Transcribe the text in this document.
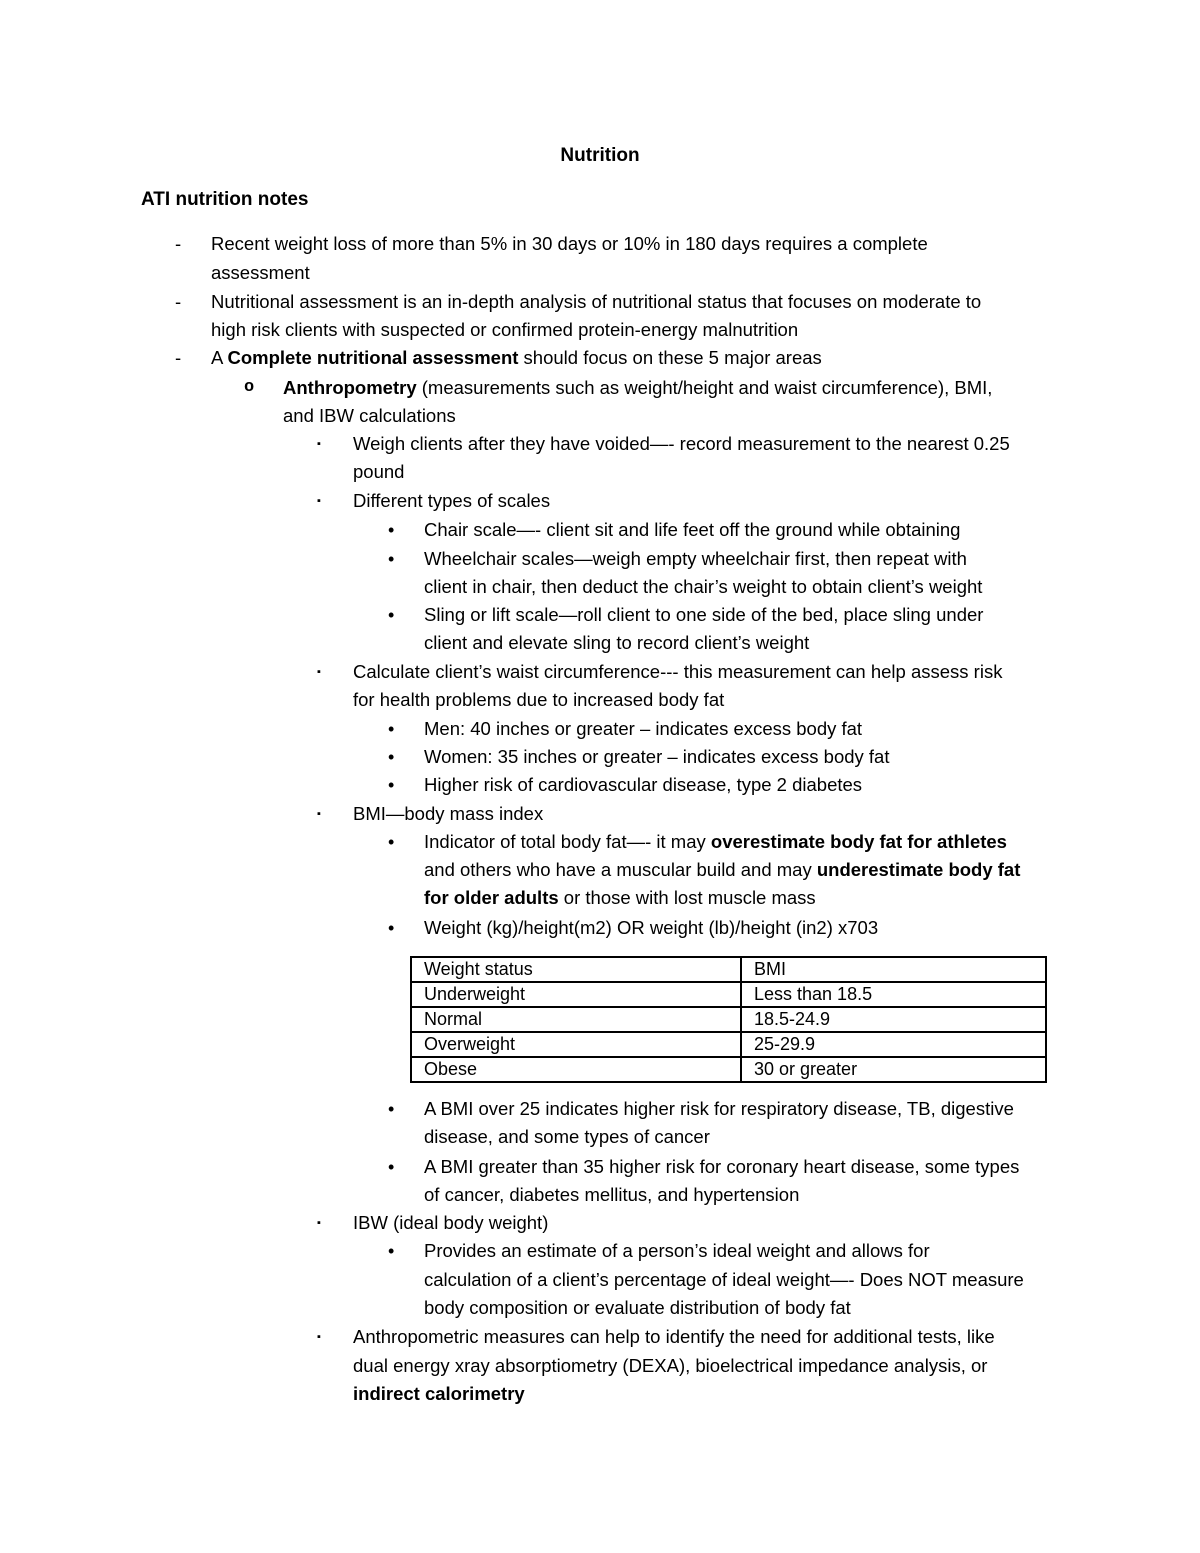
Nutrition
ATI nutrition notes
- Recent weight loss of more than 5% in 30 days or 10% in 180 days requires a complete
assessment
- Nutritional assessment is an in-depth analysis of nutritional status that focuses on moderate to
high risk clients with suspected or confirmed protein-energy malnutrition
- A Complete nutritional assessment should focus on these 5 major areas
o Anthropometry (measurements such as weight/height and waist circumference), BMI,
and IBW calculations
▪ Weigh clients after they have voided—- record measurement to the nearest 0.25
pound
▪ Different types of scales
• Chair scale—- client sit and life feet off the ground while obtaining
• Wheelchair scales—weigh empty wheelchair first, then repeat with
client in chair, then deduct the chair’s weight to obtain client’s weight
• Sling or lift scale—roll client to one side of the bed, place sling under
client and elevate sling to record client’s weight
▪ Calculate client’s waist circumference--- this measurement can help assess risk
for health problems due to increased body fat
• Men: 40 inches or greater – indicates excess body fat
• Women: 35 inches or greater – indicates excess body fat
• Higher risk of cardiovascular disease, type 2 diabetes
▪ BMI—body mass index
• Indicator of total body fat—- it may overestimate body fat for athletes
and others who have a muscular build and may underestimate body fat
for older adults or those with lost muscle mass
• Weight (kg)/height(m2) OR weight (lb)/height (in2) x703
Weight status	BMI
Underweight	Less than 18.5
Normal	18.5-24.9
Overweight	25-29.9
Obese	30 or greater
• A BMI over 25 indicates higher risk for respiratory disease, TB, digestive
disease, and some types of cancer
• A BMI greater than 35 higher risk for coronary heart disease, some types
of cancer, diabetes mellitus, and hypertension
▪ IBW (ideal body weight)
• Provides an estimate of a person’s ideal weight and allows for
calculation of a client’s percentage of ideal weight—- Does NOT measure
body composition or evaluate distribution of body fat
▪ Anthropometric measures can help to identify the need for additional tests, like
dual energy xray absorptiometry (DEXA), bioelectrical impedance analysis, or
indirect calorimetry
